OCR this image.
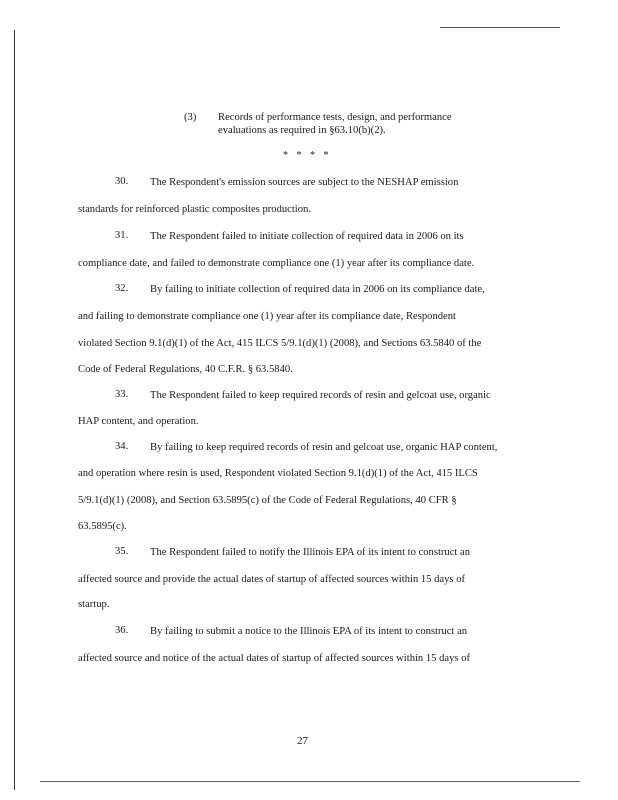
(3) Records of performance tests, design, and performance
evaluations as required in §63.10(b)(2).
* * * *
30. The Respondent's emission sources are subject to the NESHAP emission
standards for reinforced plastic composites production.
31. The Respondent failed to initiate collection of required data in 2006 on its
compliance date, and failed to demonstrate compliance one (1) year after its compliance date.
32. By failing to initiate collection of required data in 2006 on its compliance date,
and failing to demonstrate compliance one (1) year after its compliance date, Respondent
violated Section 9.1(d)(1) of the Act, 415 ILCS 5/9.1(d)(1) (2008), and Sections 63.5840 of the
Code of Federal Regulations, 40 C.F.R. § 63.5840.
33. The Respondent failed to keep required records of resin and gelcoat use, organic
HAP content, and operation.
34. By failing to keep required records of resin and gelcoat use, organic HAP content,
and operation where resin is used, Respondent violated Section 9.1(d)(1) of the Act, 415 ILCS
5/9.1(d)(1) (2008), and Section 63.5895(c) of the Code of Federal Regulations, 40 CFR §
63.5895(c).
35. The Respondent failed to notify the Illinois EPA of its intent to construct an
affected source and provide the actual dates of startup of affected sources within 15 days of
startup.
36. By failing to submit a notice to the Illinois EPA of its intent to construct an
affected source and notice of the actual dates of startup of affected sources within 15 days of
27
